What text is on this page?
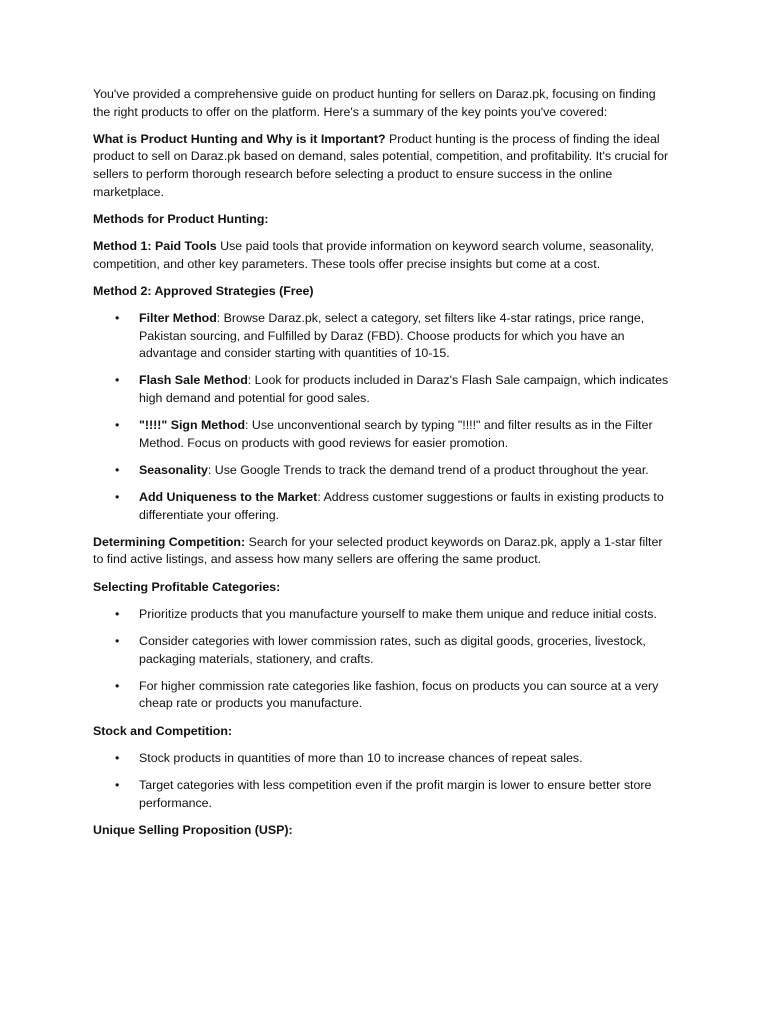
You've provided a comprehensive guide on product hunting for sellers on Daraz.pk, focusing on finding the right products to offer on the platform. Here's a summary of the key points you've covered:

What is Product Hunting and Why is it Important? Product hunting is the process of finding the ideal product to sell on Daraz.pk based on demand, sales potential, competition, and profitability. It's crucial for sellers to perform thorough research before selecting a product to ensure success in the online marketplace.

Methods for Product Hunting:

Method 1: Paid Tools Use paid tools that provide information on keyword search volume, seasonality, competition, and other key parameters. These tools offer precise insights but come at a cost.

Method 2: Approved Strategies (Free)

• Filter Method: Browse Daraz.pk, select a category, set filters like 4-star ratings, price range, Pakistan sourcing, and Fulfilled by Daraz (FBD). Choose products for which you have an advantage and consider starting with quantities of 10-15.
• Flash Sale Method: Look for products included in Daraz's Flash Sale campaign, which indicates high demand and potential for good sales.
• "!!!!" Sign Method: Use unconventional search by typing "!!!!" and filter results as in the Filter Method. Focus on products with good reviews for easier promotion.
• Seasonality: Use Google Trends to track the demand trend of a product throughout the year.
• Add Uniqueness to the Market: Address customer suggestions or faults in existing products to differentiate your offering.

Determining Competition: Search for your selected product keywords on Daraz.pk, apply a 1-star filter to find active listings, and assess how many sellers are offering the same product.

Selecting Profitable Categories:

• Prioritize products that you manufacture yourself to make them unique and reduce initial costs.
• Consider categories with lower commission rates, such as digital goods, groceries, livestock, packaging materials, stationery, and crafts.
• For higher commission rate categories like fashion, focus on products you can source at a very cheap rate or products you manufacture.

Stock and Competition:

• Stock products in quantities of more than 10 to increase chances of repeat sales.
• Target categories with less competition even if the profit margin is lower to ensure better store performance.

Unique Selling Proposition (USP):
